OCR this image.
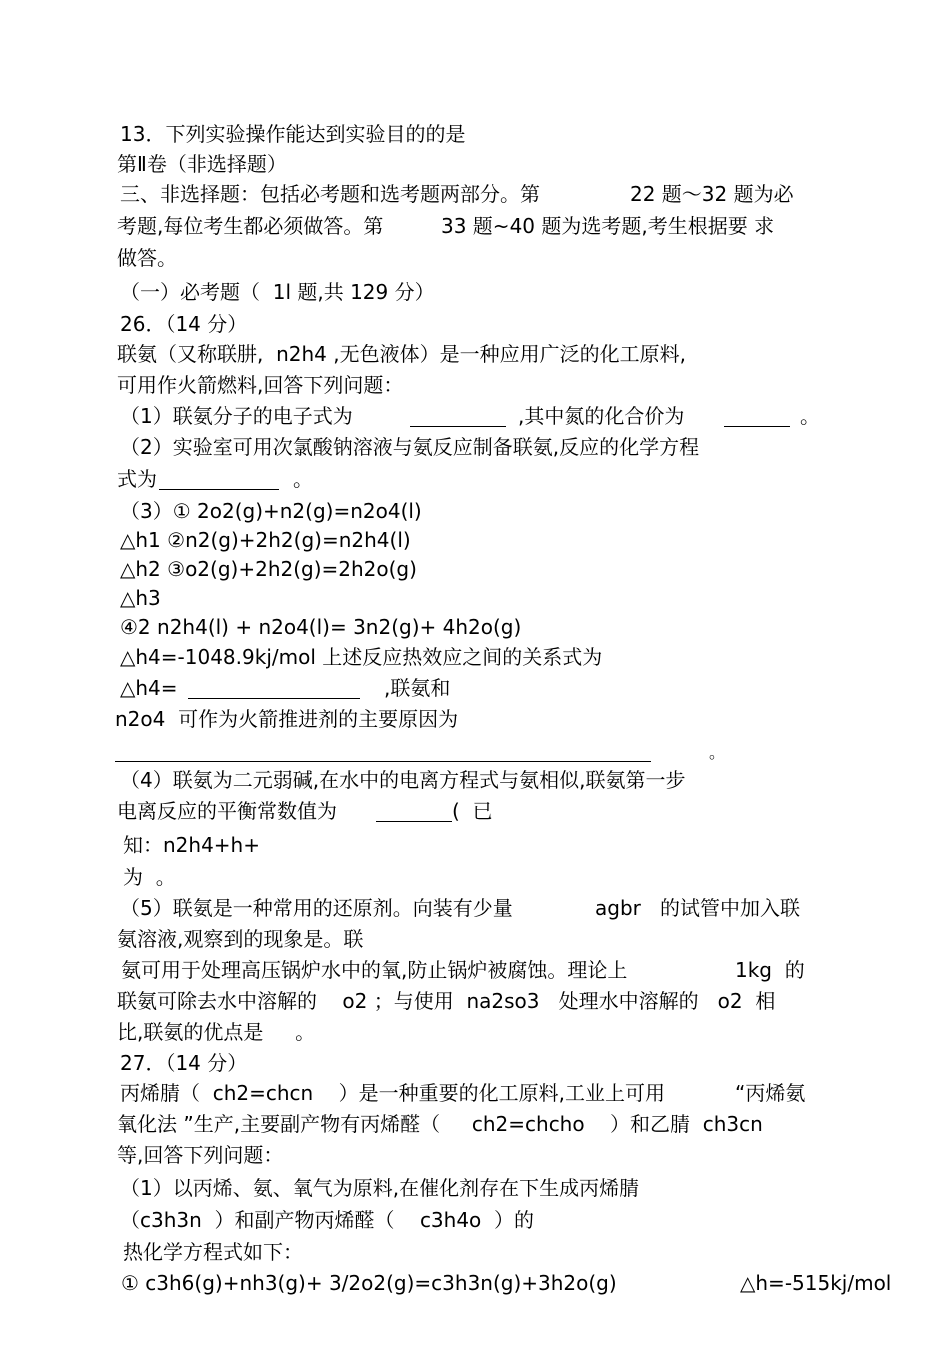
13．下列实验操作能达到实验目的的是
第Ⅱ卷（非选择题）
三、非选择题：包括必考题和选考题两部分。第	22 题～32 题为必
考题,每位考生都必须做答。第	33 题~40 题为选考题,考生根据要 求
做答。
（一）必考题（  1l 题,共 129 分）
26．（14 分）
联氨（又称联肼,  n2h4 ,无色液体）是一种应用广泛的化工原料,
可用作火箭燃料,回答下列问题：
（1）联氨分子的电子式为	,其中氮的化合价为	。
（2）实验室可用次氯酸钠溶液与氨反应制备联氨,反应的化学方程
式为	。
（3）① 2o2(g)+n2(g)=n2o4(l)
△h1 ②n2(g)+2h2(g)=n2h4(l)
△h2 ③o2(g)+2h2(g)=2h2o(g)
△h3
④2 n2h4(l) + n2o4(l)= 3n2(g)+ 4h2o(g)
△h4=-1048.9kj/mol 上述反应热效应之间的关系式为
△h4=	,联氨和
n2o4  可作为火箭推进剂的主要原因为
。
（4）联氨为二元弱碱,在水中的电离方程式与氨相似,联氨第一步
电离反应的平衡常数值为	(  已
知：n2h4+h+
为  。
（5）联氨是一种常用的还原剂。向装有少量	agbr   的试管中加入联
氨溶液,观察到的现象是。联
氨可用于处理高压锅炉水中的氧,防止锅炉被腐蚀。理论上	1kg  的
联氨可除去水中溶解的    o2 ；与使用  na2so3   处理水中溶解的   o2  相
比,联氨的优点是     。
27．（14 分）
丙烯腈（  ch2=chcn    ）是一种重要的化工原料,工业上可用	“丙烯氨
氧化法 ”生产,主要副产物有丙烯醛（     ch2=chcho    ）和乙腈  ch3cn
等,回答下列问题：
（1）以丙烯、氨、氧气为原料,在催化剂存在下生成丙烯腈
（c3h3n  ）和副产物丙烯醛（    c3h4o  ）的
热化学方程式如下：
① c3h6(g)+nh3(g)+ 3/2o2(g)=c3h3n(g)+3h2o(g)	△h=-515kj/mol
